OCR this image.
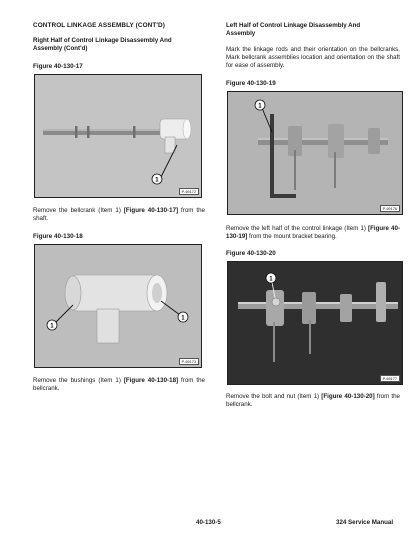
CONTROL LINKAGE ASSEMBLY (CONT'D)
Right Half of Control Linkage Disassembly And
Assembly (Cont'd)
Figure 40-130-17
1
P-69172
Remove the bellcrank (Item 1) [Figure 40-130-17] from the shaft.
Figure 40-130-18
1
1
P-69173
Remove the bushings (Item 1) [Figure 40-130-18] from the bellcrank.
Left Half of Control Linkage Disassembly And
Assembly
Mark the linkage rods and their orientation on the bellcranks. Mark bellcrank assemblies location and orientation on the shaft for ease of assembly.
Figure 40-130-19
1
P-69176
Remove the left half of the control linkage (Item 1) [Figure 40-130-19] from the mount bracket bearing.
Figure 40-130-20
1
P-69177
Remove the bolt and nut (Item 1) [Figure 40-130-20] from the bellcrank.
40-130-5	324 Service Manual
